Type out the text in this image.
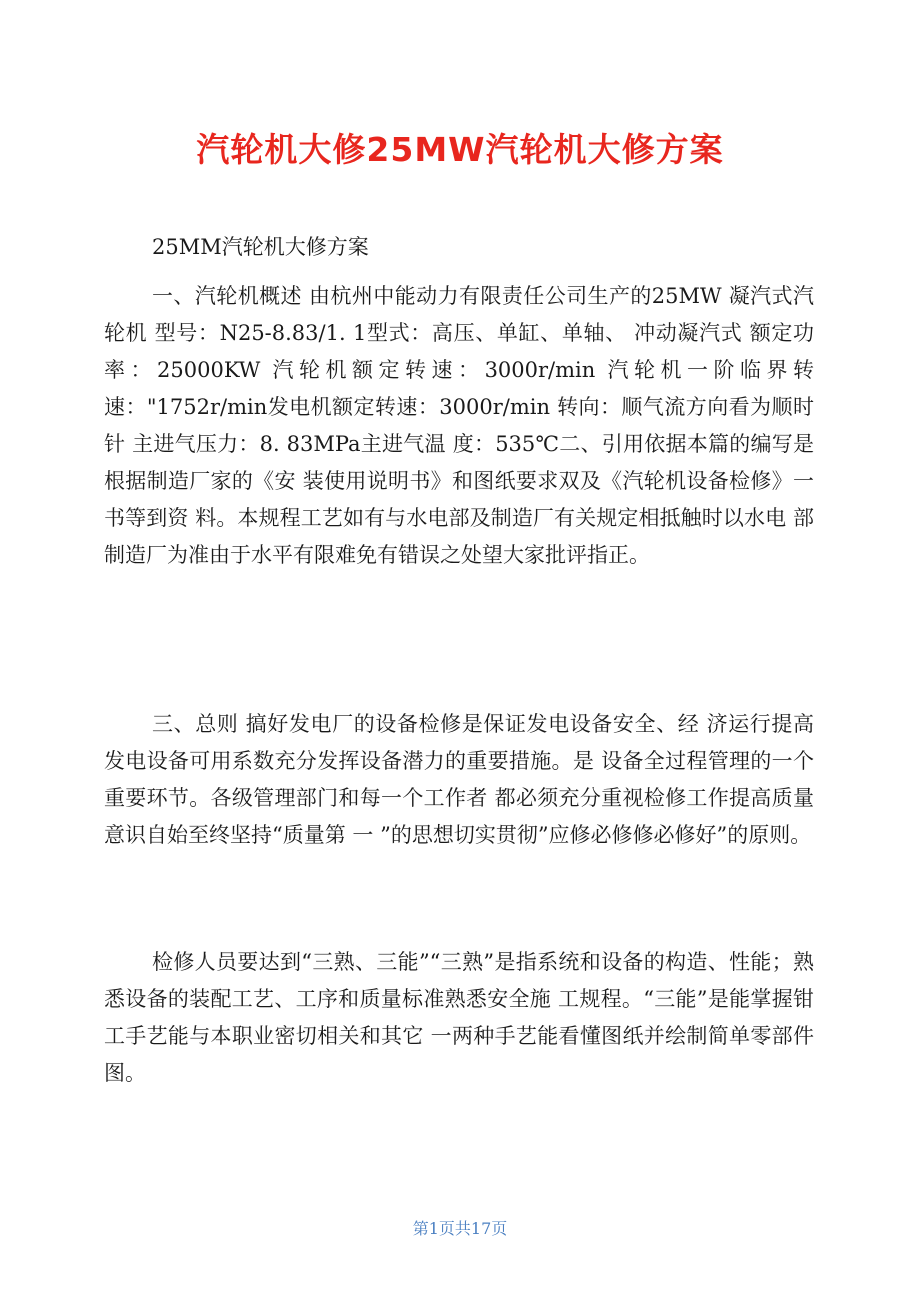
汽轮机大修25MW汽轮机大修方案
25MM汽轮机大修方案

一、汽轮机概述 由杭州中能动力有限责任公司生产的25MW 凝汽式汽轮机 型号：N25-8.83/1. 1型式：高压、单缸、单轴、 冲动凝汽式 额定功率：25000KW 汽轮机额定转速：3000r/min 汽轮机一阶临界转速："1752r/min发电机额定转速：3000r/min 转向：顺气流方向看为顺时针 主进气压力：8. 83MPa主进气温 度：535℃二、引用依据本篇的编写是根据制造厂家的《安 装使用说明书》和图纸要求双及《汽轮机设备检修》一书等到资 料。本规程工艺如有与水电部及制造厂有关规定相抵触时以水电 部制造厂为准由于水平有限难免有错误之处望大家批评指正。

三、总则 搞好发电厂的设备检修是保证发电设备安全、经 济运行提高发电设备可用系数充分发挥设备潜力的重要措施。是 设备全过程管理的一个重要环节。各级管理部门和每一个工作者 都必须充分重视检修工作提高质量意识自始至终坚持“质量第 一 ”的思想切实贯彻”应修必修修必修好”的原则。

检修人员要达到“三熟、三能”“三熟”是指系统和设备的构造、性能；熟悉设备的装配工艺、工序和质量标准熟悉安全施 工规程。“三能”是能掌握钳工手艺能与本职业密切相关和其它 一两种手艺能看懂图纸并绘制简单零部件图。

第1页共17页
